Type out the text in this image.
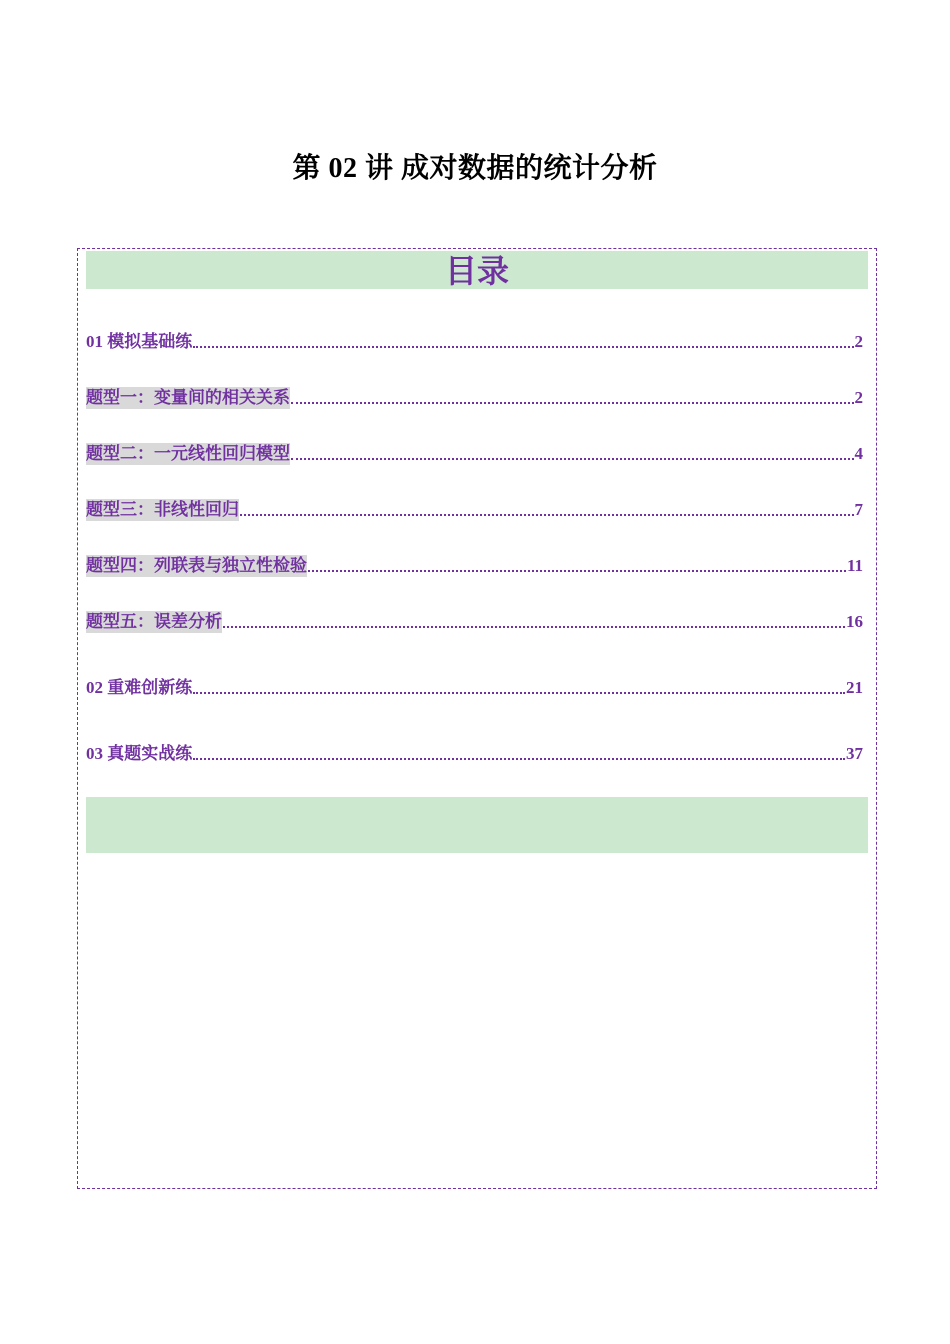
第 02 讲 成对数据的统计分析
目录
01 模拟基础练	2
题型一：变量间的相关关系	2
题型二：一元线性回归模型	4
题型三：非线性回归	7
题型四：列联表与独立性检验	11
题型五：误差分析	16
02 重难创新练	21
03 真题实战练	37
